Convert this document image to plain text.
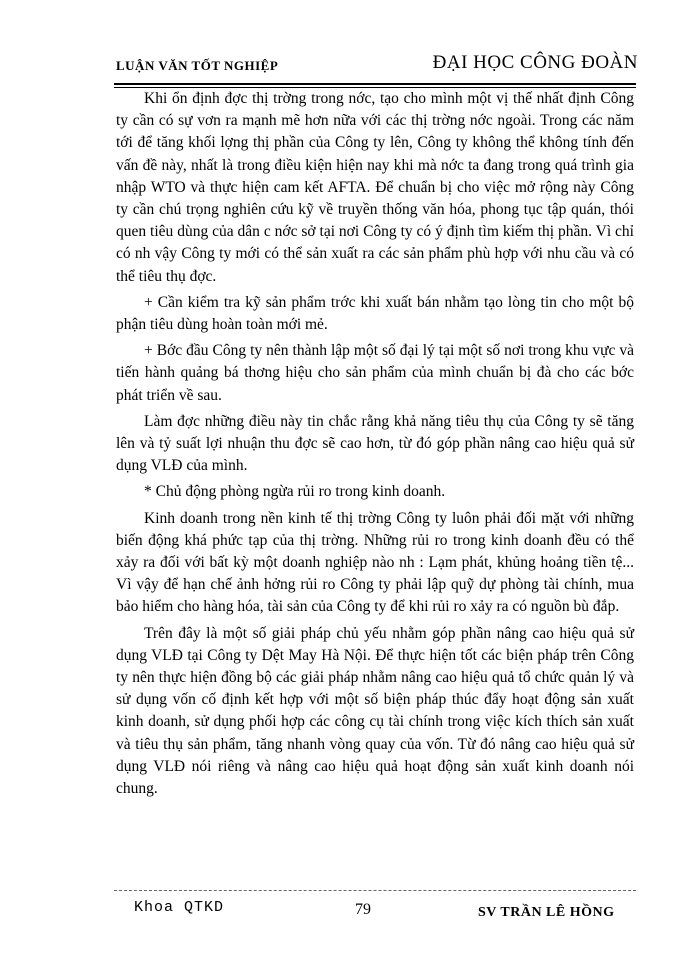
LUẬN VĂN TỐT NGHIỆP	ĐẠI HỌC CÔNG ĐOÀN

Khi ổn định đợc thị trờng trong nớc, tạo cho mình một vị thế nhất định Công ty cần có sự vơn ra mạnh mẽ hơn nữa với các thị trờng nớc ngoài. Trong các năm tới để tăng khối lợng thị phần của Công ty lên, Công ty không thể không tính đến vấn đề này, nhất là trong điều kiện hiện nay khi mà nớc ta đang trong quá trình gia nhập WTO và thực hiện cam kết AFTA. Để chuẩn bị cho việc mở rộng này Công ty cần chú trọng nghiên cứu kỹ về truyền thống văn hóa, phong tục tập quán, thói quen tiêu dùng của dân c nớc sở tại nơi Công ty có ý định tìm kiếm thị phần. Vì chỉ có nh vậy Công ty mới có thể sản xuất ra các sản phẩm phù hợp với nhu cầu và có thể tiêu thụ đợc.

+ Cần kiểm tra kỹ sản phẩm trớc khi xuất bán nhằm tạo lòng tin cho một bộ phận tiêu dùng hoàn toàn mới mẻ.

+ Bớc đầu Công ty nên thành lập một số đại lý tại một số nơi trong khu vực và tiến hành quảng bá thơng hiệu cho sản phẩm của mình chuẩn bị đà cho các bớc phát triển về sau.

Làm đợc những điều này tin chắc rằng khả năng tiêu thụ của Công ty sẽ tăng lên và tỷ suất lợi nhuận thu đợc sẽ cao hơn, từ đó góp phần nâng cao hiệu quả sử dụng VLĐ của mình.

* Chủ động phòng ngừa rủi ro trong kinh doanh.

Kinh doanh trong nền kinh tế thị trờng Công ty luôn phải đối mặt với những biến động khá phức tạp của thị trờng. Những rủi ro trong kinh doanh đều có thể xảy ra đối với bất kỳ một doanh nghiệp nào nh : Lạm phát, khủng hoảng tiền tệ... Vì vậy để hạn chế ảnh hởng rủi ro Công ty phải lập quỹ dự phòng tài chính, mua bảo hiểm cho hàng hóa, tài sản của Công ty để khi rủi ro xảy ra có nguồn bù đắp.

Trên đây là một số giải pháp chủ yếu nhằm góp phần nâng cao hiệu quả sử dụng VLĐ tại Công ty Dệt May Hà Nội. Để thực hiện tốt các biện pháp trên Công ty nên thực hiện đồng bộ các giải pháp nhằm nâng cao hiệu quả tổ chức quản lý và sử dụng vốn cố định kết hợp với một số biện pháp thúc đẩy hoạt động sản xuất kinh doanh, sử dụng phối hợp các công cụ tài chính trong việc kích thích sản xuất và tiêu thụ sản phẩm, tăng nhanh vòng quay của vốn. Từ đó nâng cao hiệu quả sử dụng VLĐ nói riêng và nâng cao hiệu quả hoạt động sản xuất kinh doanh nói chung.

Khoa QTKD	79	SV TRẦN LÊ HỒNG
